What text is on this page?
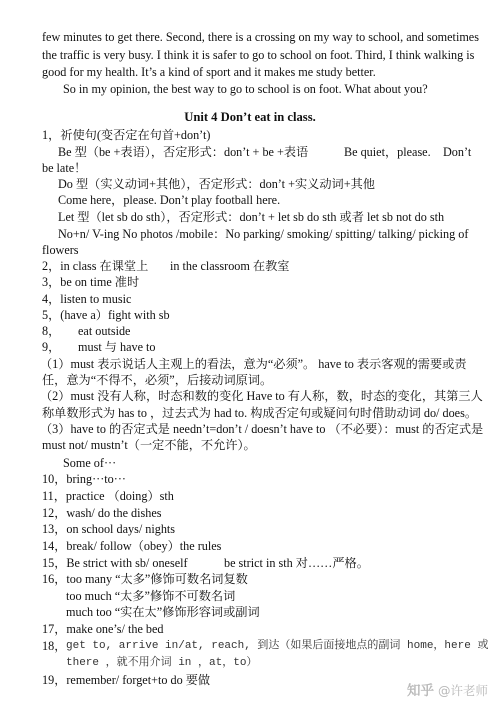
few minutes to get there. Second, there is a crossing on my way to school, and sometimes
the traffic is very busy. I think it is safer to go to school on foot. Third, I think walking is
good for my health. It’s a kind of sport and it makes me study better.
So in my opinion, the best way to go to school is on foot. What about you?
Unit 4 Don’t eat in class.
1，祈使句(变否定在句首+don’t)
Be 型（be +表语），否定形式：don’t + be +表语	Be quiet，please. Don’t
be late！
Do 型（实义动词+其他），否定形式：don’t +实义动词+其他
Come here，please. Don’t play football here.
Let 型（let sb do sth），否定形式：don’t + let sb do sth 或者 let sb not do sth
No+n/ V-ing No photos /mobile：No parking/ smoking/ spitting/ talking/ picking of
flowers
2，in class 在课堂上 in the classroom 在教室
3，be on time 准时
4，listen to music
5，(have a）fight with sb
8， eat outside
9， must 与 have to
（1）must 表示说话人主观上的看法，意为“必须”。 have to 表示客观的需要或责
任，意为“不得不，必须”，后接动词原词。
（2）must 没有人称，时态和数的变化 Have to 有人称，数，时态的变化，其第三人
称单数形式为 has to ，过去式为 had to. 构成否定句或疑问句时借助动词 do/ does。
（3）have to 的否定式是 needn’t=don’t / doesn’t have to （不必要）：must 的否定式是
must not/ mustn’t（一定不能，不允许）。
Some of···
10，bring···to···
11，practice （doing）sth
12，wash/ do the dishes
13，on school days/ nights
14，break/ follow（obey）the rules
15，Be strict with sb/ oneself	be strict in sth 对……严格。
16，too many “太多”修饰可数名词复数
too much “太多”修饰不可数名词
much too “实在太”修饰形容词或副词
17，make one’s/ the bed
18， get to, arrive in/at, reach, 到达（如果后面接地点的副词 home，here 或
there ，就不用介词 in ，at，to）
19，remember/ forget+to do 要做
知乎 @许老师
